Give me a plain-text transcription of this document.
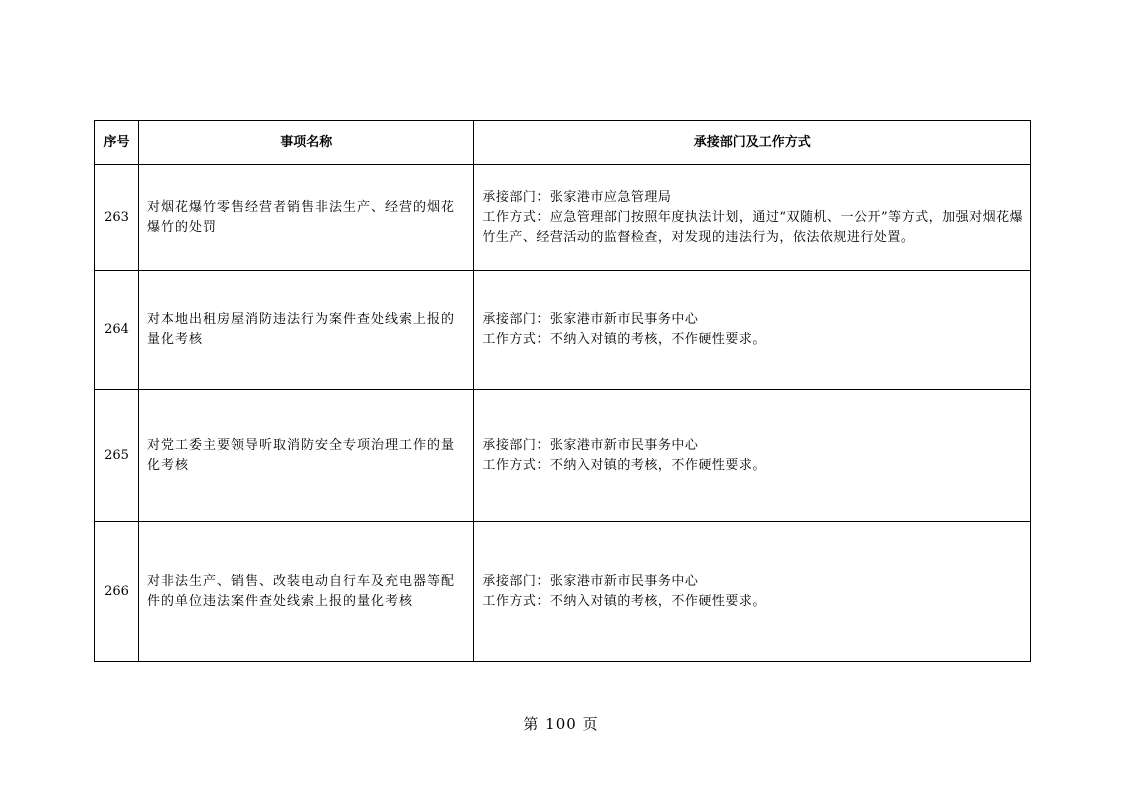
序号	事项名称	承接部门及工作方式
263	对烟花爆竹零售经营者销售非法生产、经营的烟花爆竹的处罚	承接部门：张家港市应急管理局
工作方式：应急管理部门按照年度执法计划，通过“双随机、一公开”等方式，加强对烟花爆竹生产、经营活动的监督检查，对发现的违法行为，依法依规进行处置。

264	对本地出租房屋消防违法行为案件查处线索上报的量化考核	承接部门：张家港市新市民事务中心
工作方式：不纳入对镇的考核，不作硬性要求。

265	对党工委主要领导听取消防安全专项治理工作的量化考核	承接部门：张家港市新市民事务中心
工作方式：不纳入对镇的考核，不作硬性要求。

266	对非法生产、销售、改装电动自行车及充电器等配件的单位违法案件查处线索上报的量化考核	承接部门：张家港市新市民事务中心
工作方式：不纳入对镇的考核，不作硬性要求。
第 100 页
